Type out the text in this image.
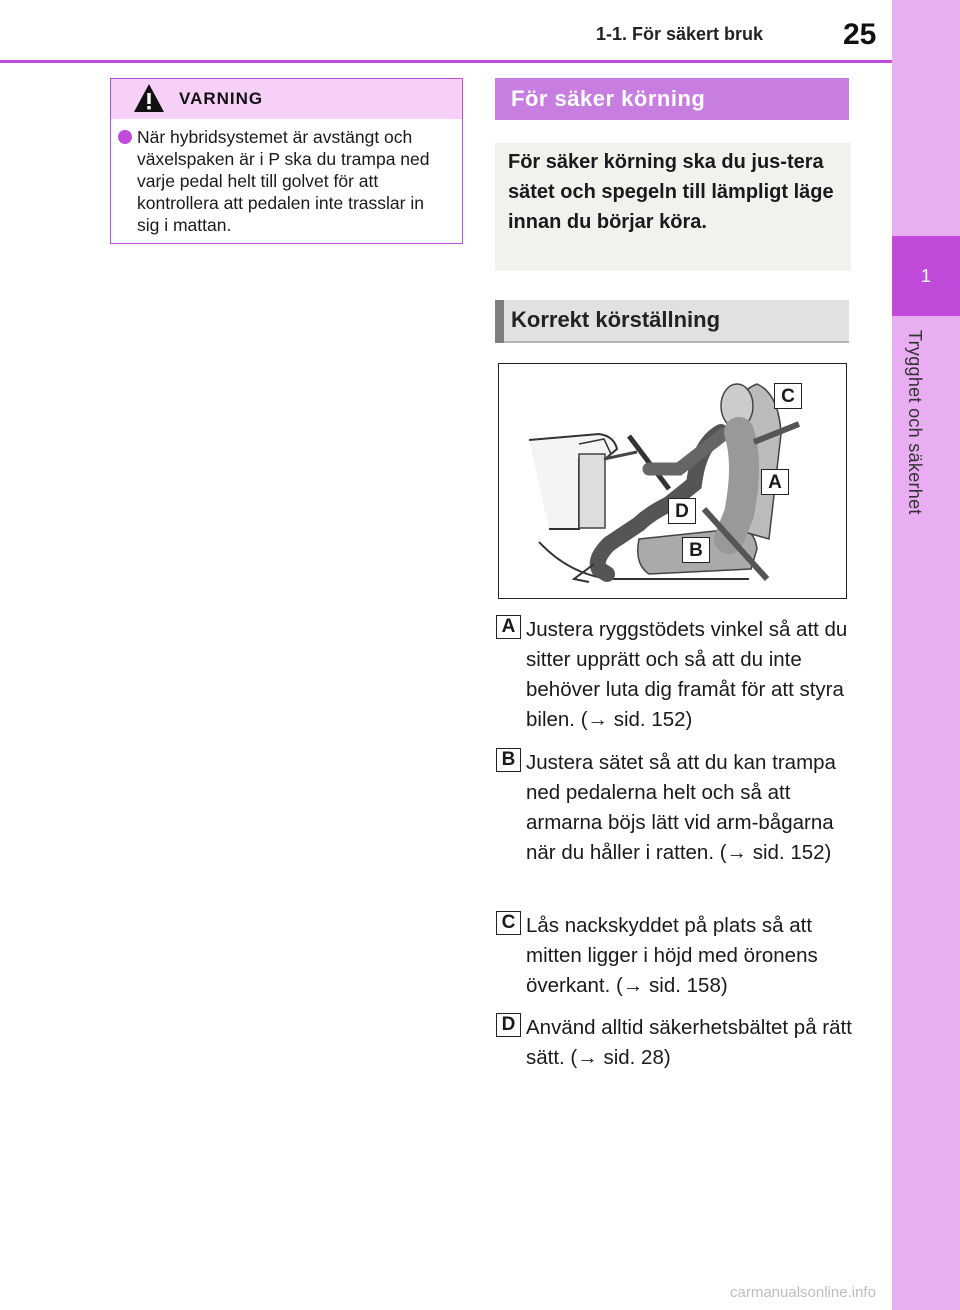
1
Trygghet och säkerhet
1-1. För säkert bruk	25
VARNING
När hybridsystemet är avstängt och växelspaken är i P ska du trampa ned varje pedal helt till golvet för att kontrollera att pedalen inte trasslar in sig i mattan.
För säker körning
För säker körning ska du jus-tera sätet och spegeln till lämpligt läge innan du börjar köra.
Korrekt körställning
C
A
D
B
A Justera ryggstödets vinkel så att du sitter upprätt och så att du inte behöver luta dig framåt för att styra bilen. (→ sid. 152)
B Justera sätet så att du kan trampa ned pedalerna helt och så att armarna böjs lätt vid arm-bågarna när du håller i ratten. (→ sid. 152)
C Lås nackskyddet på plats så att mitten ligger i höjd med öronens överkant. (→ sid. 158)
D Använd alltid säkerhetsbältet på rätt sätt. (→ sid. 28)
carmanualsonline.info
